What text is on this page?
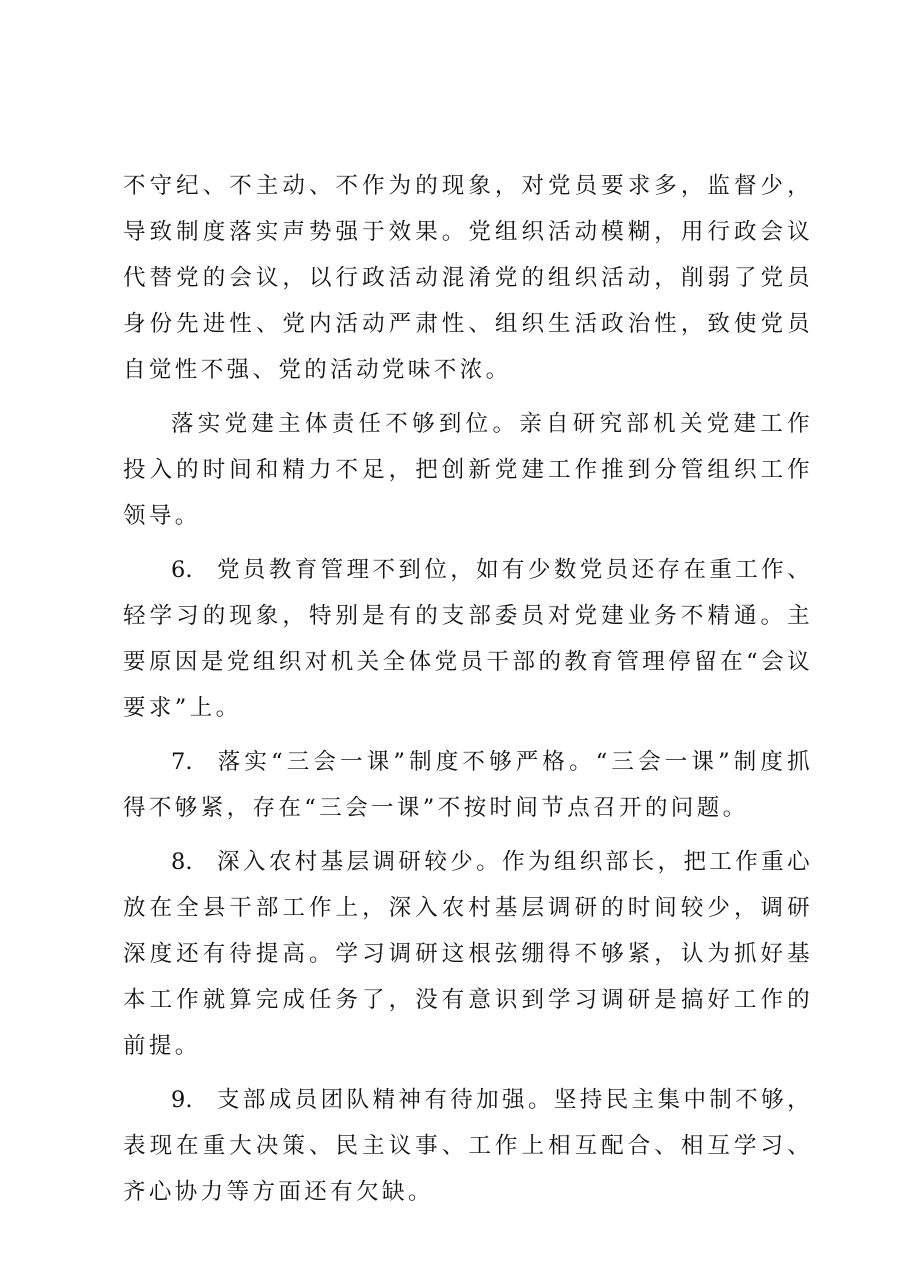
不守纪、不主动、不作为的现象，对党员要求多，监督少，导致制度落实声势强于效果。党组织活动模糊，用行政会议代替党的会议，以行政活动混淆党的组织活动，削弱了党员身份先进性、党内活动严肃性、组织生活政治性，致使党员自觉性不强、党的活动党味不浓。

落实党建主体责任不够到位。亲自研究部机关党建工作投入的时间和精力不足，把创新党建工作推到分管组织工作领导。

6. 党员教育管理不到位，如有少数党员还存在重工作、轻学习的现象，特别是有的支部委员对党建业务不精通。主要原因是党组织对机关全体党员干部的教育管理停留在“会议要求”上。

7. 落实“三会一课”制度不够严格。“三会一课”制度抓得不够紧，存在“三会一课”不按时间节点召开的问题。

8. 深入农村基层调研较少。作为组织部长，把工作重心放在全县干部工作上，深入农村基层调研的时间较少，调研深度还有待提高。学习调研这根弦绷得不够紧，认为抓好基本工作就算完成任务了，没有意识到学习调研是搞好工作的前提。

9. 支部成员团队精神有待加强。坚持民主集中制不够，表现在重大决策、民主议事、工作上相互配合、相互学习、齐心协力等方面还有欠缺。
